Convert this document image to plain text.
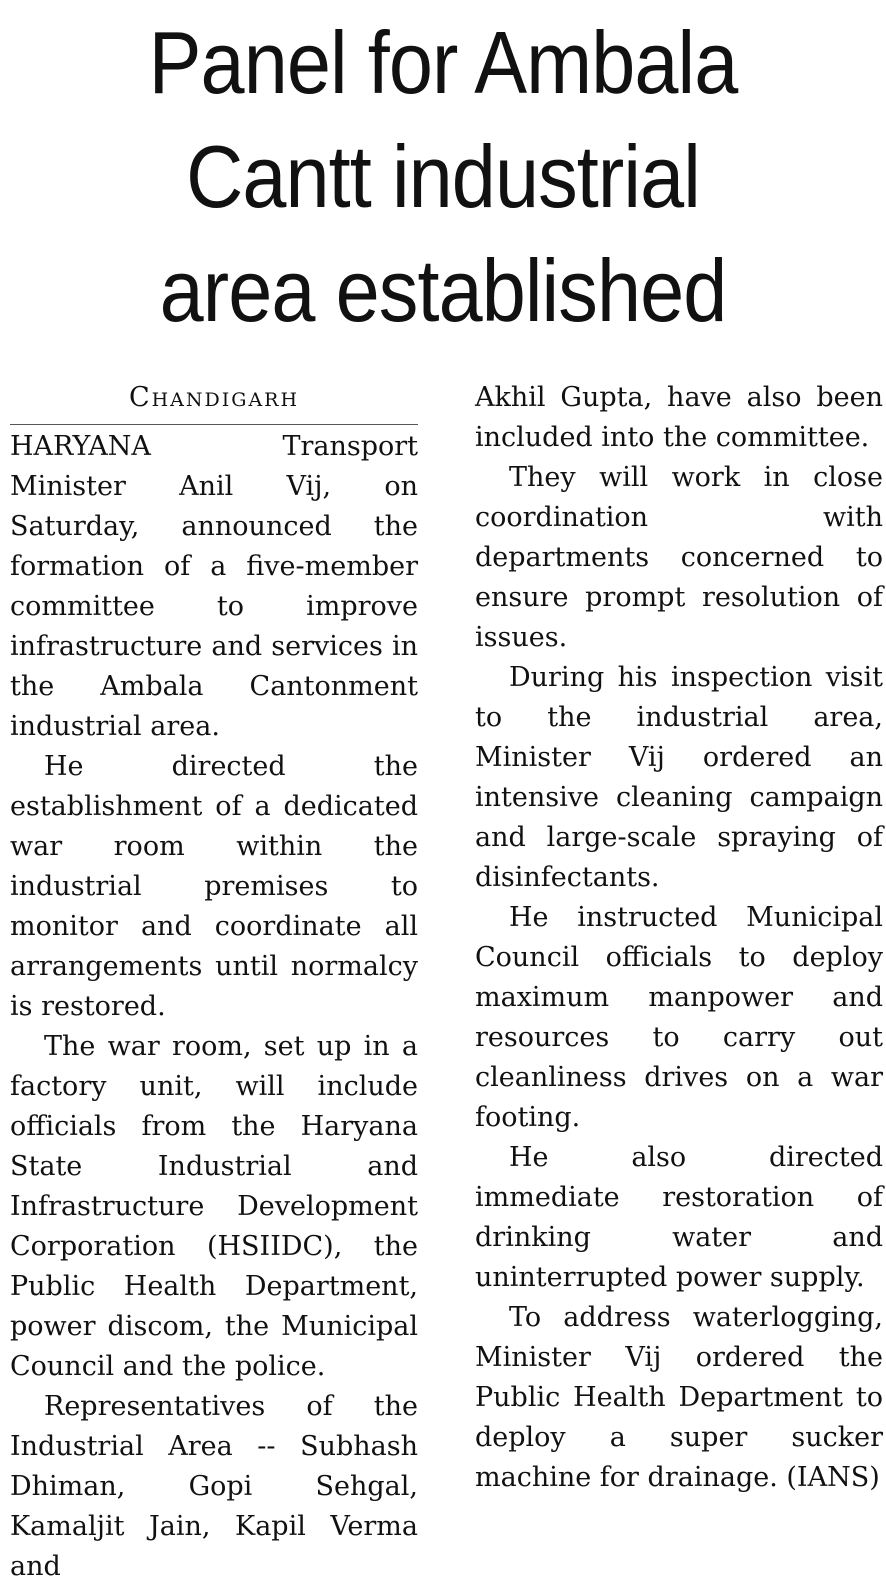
Panel for Ambala
Cantt industrial
area established
Chandigarh

HARYANA Transport Minister Anil Vij, on Saturday, announced the formation of a five-member committee to improve infrastructure and services in the Ambala Cantonment industrial area.

He directed the establishment of a dedicated war room within the industrial premises to monitor and coordinate all arrangements until normalcy is restored.

The war room, set up in a factory unit, will include officials from the Haryana State Industrial and Infrastructure Development Corporation (HSIIDC), the Public Health Department, power discom, the Municipal Council and the police.

Representatives of the Industrial Area -- Subhash Dhiman, Gopi Sehgal, Kamaljit Jain, Kapil Verma and

Akhil Gupta, have also been included into the committee.

They will work in close coordination with departments concerned to ensure prompt resolution of issues.

During his inspection visit to the industrial area, Minister Vij ordered an intensive cleaning campaign and large-scale spraying of disinfectants.

He instructed Municipal Council officials to deploy maximum manpower and resources to carry out cleanliness drives on a war footing.

He also directed immediate restoration of drinking water and uninterrupted power supply.

To address waterlogging, Minister Vij ordered the Public Health Department to deploy a super sucker machine for drainage. (IANS)
